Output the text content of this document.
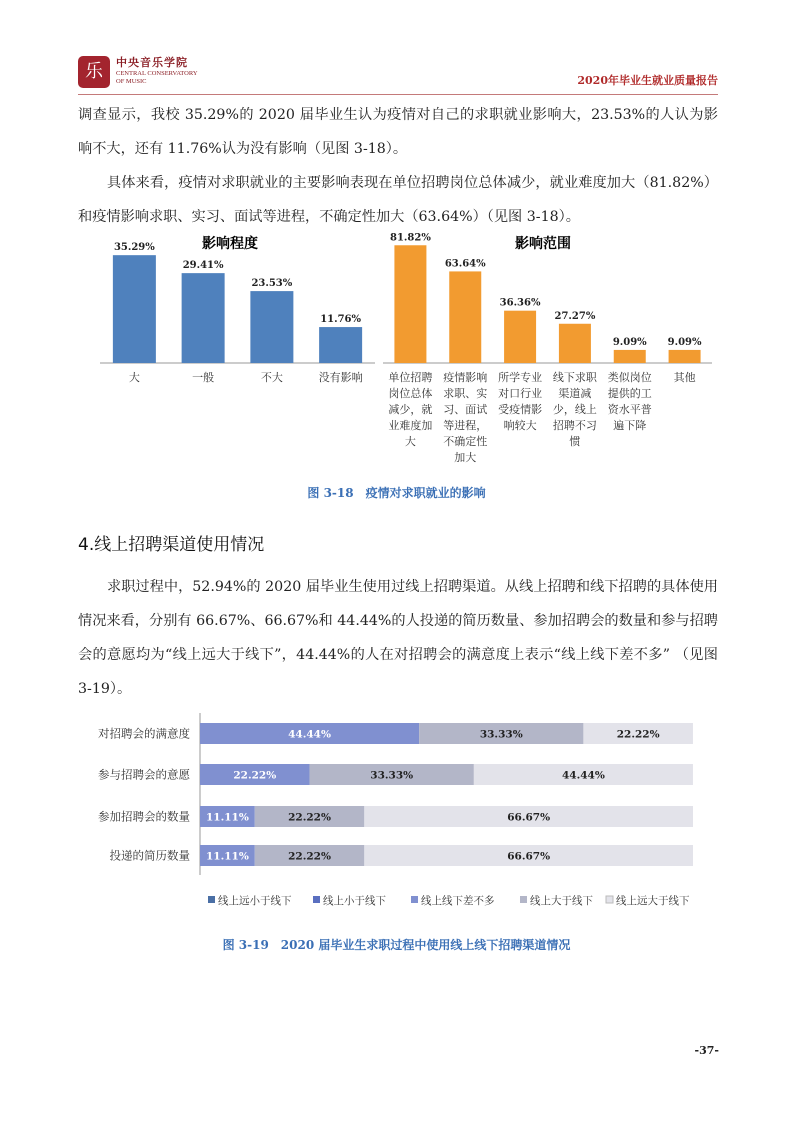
乐	中央音乐学院
CENTRAL CONSERVATORY
OF MUSIC	2020年毕业生就业质量报告

调查显示，我校 35.29%的 2020 届毕业生认为疫情对自己的求职就业影响大，23.53%的人认为影响不大，还有 11.76%认为没有影响（见图 3-18）。

具体来看，疫情对求职就业的主要影响表现在单位招聘岗位总体减少，就业难度加大（81.82%）和疫情影响求职、实习、面试等进程，不确定性加大（63.64%）（见图 3-18）。

影响程度
35.29%
大
29.41%
一般
23.53%
不大
11.76%
没有影响
影响范围
81.82%
单位招聘岗位总体减少，就业难度加大
63.64%
疫情影响求职、实习、面试等进程，不确定性加大
36.36%
所学专业对口行业受疫情影响较大
27.27%
线下求职渠道减少，线上招聘不习惯
9.09%
类似岗位提供的工资水平普遍下降
9.09%
其他
图 3-18　疫情对求职就业的影响
4.线上招聘渠道使用情况

求职过程中，52.94%的 2020 届毕业生使用过线上招聘渠道。从线上招聘和线下招聘的具体使用情况来看，分别有 66.67%、66.67%和 44.44%的人投递的简历数量、参加招聘会的数量和参与招聘会的意愿均为“线上远大于线下”，44.44%的人在对招聘会的满意度上表示“线上线下差不多” （见图 3-19）。

对招聘会的满意度	44.44%	33.33%	22.22%
参与招聘会的意愿	22.22%	33.33%	44.44%
参加招聘会的数量 11.11%	22.22%	66.67%
投递的简历数量 11.11%	22.22%	66.67%
线上远小于线下	线上小于线下	线上线下差不多	线上大于线下 线上远大于线下
图 3-19　2020 届毕业生求职过程中使用线上线下招聘渠道情况
-37-
